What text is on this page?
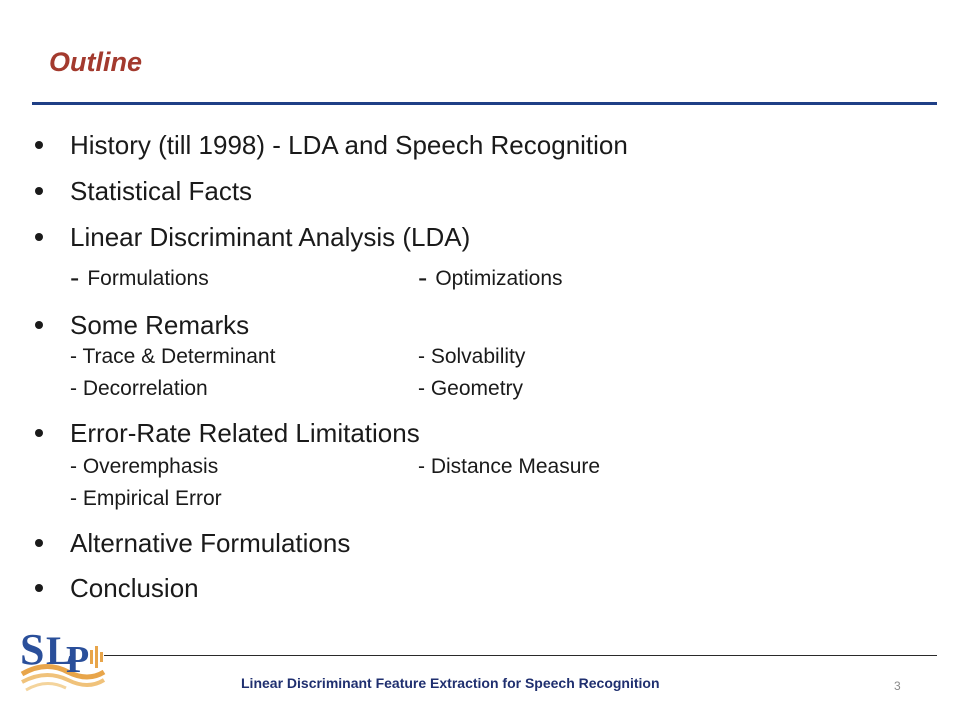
Outline
History (till 1998) - LDA and Speech Recognition
Statistical Facts
Linear Discriminant Analysis (LDA)
- Formulations	- Optimizations
Some Remarks
- Trace & Determinant	- Solvability
- Decorrelation	- Geometry
Error-Rate Related Limitations
- Overemphasis	- Distance Measure
- Empirical Error
Alternative Formulations
Conclusion
S L
P
Linear Discriminant Feature Extraction for Speech Recognition	3
